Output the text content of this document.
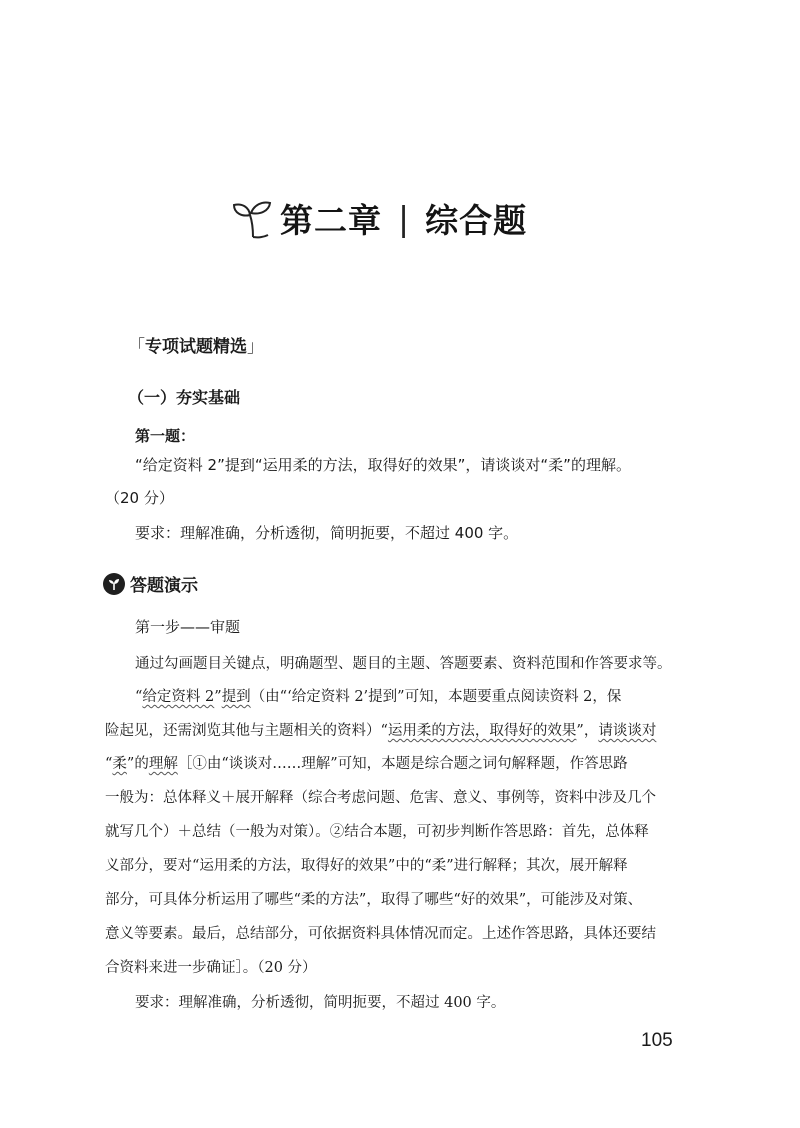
第二章 | 综合题
「专项试题精选」
（一）夯实基础
第一题：
“给定资料 2”提到“运用柔的方法，取得好的效果”，请谈谈对“柔”的理解。
（20 分）
要求：理解准确，分析透彻，简明扼要，不超过 400 字。
答题演示
第一步——审题
通过勾画题目关键点，明确题型、题目的主题、答题要素、资料范围和作答要求等。
“给定资料 2”提到（由“‘给定资料 2’提到”可知，本题要重点阅读资料 2，保
险起见，还需浏览其他与主题相关的资料）“运用柔的方法，取得好的效果”，请谈谈对
“柔”的理解［①由“谈谈对……理解”可知，本题是综合题之词句解释题，作答思路
一般为：总体释义＋展开解释（综合考虑问题、危害、意义、事例等，资料中涉及几个
就写几个）＋总结（一般为对策）。②结合本题，可初步判断作答思路：首先，总体释
义部分，要对“运用柔的方法，取得好的效果”中的“柔”进行解释；其次，展开解释
部分，可具体分析运用了哪些“柔的方法”，取得了哪些“好的效果”，可能涉及对策、
意义等要素。最后，总结部分，可依据资料具体情况而定。上述作答思路，具体还要结
合资料来进一步确证］。（20 分）
要求：理解准确，分析透彻，简明扼要，不超过 400 字。
105
